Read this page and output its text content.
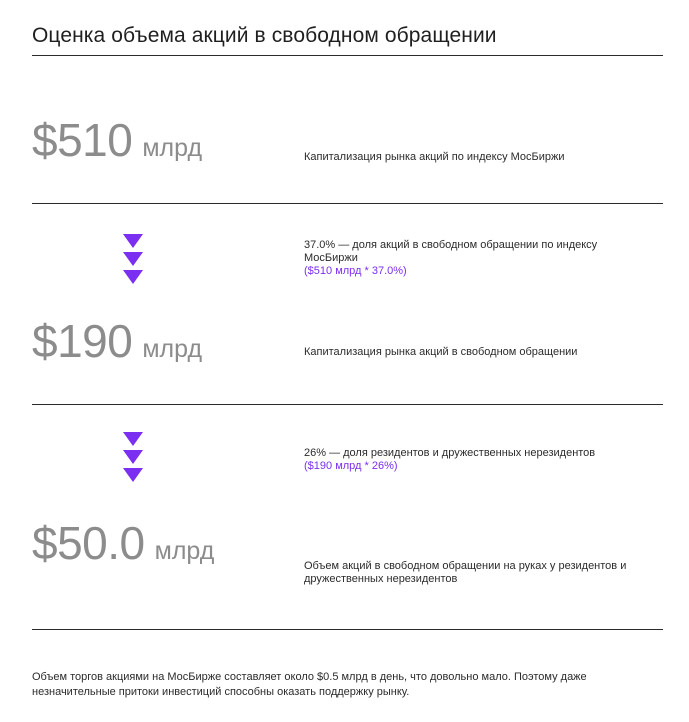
Оценка объема акций в свободном обращении
$510 млрд	Капитализация рынка акций по индексу МосБиржи
37.0% — доля акций в свободном обращении по индексу МосБиржи
($510 млрд * 37.0%)
$190 млрд	Капитализация рынка акций в свободном обращении
26% — доля резидентов и дружественных нерезидентов
($190 млрд * 26%)
$50.0 млрд
Объем акций в свободном обращении на руках у резидентов и дружественных нерезидентов
Объем торгов акциями на МосБирже составляет около $0.5 млрд в день, что довольно мало. Поэтому даже незначительные притоки инвестиций способны оказать поддержку рынку.
